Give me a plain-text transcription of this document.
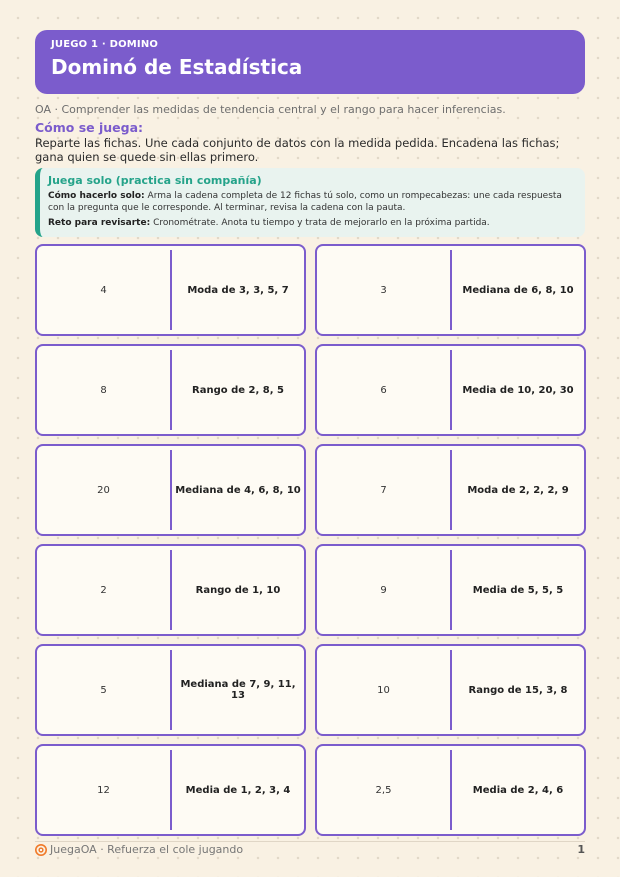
JUEGO 1 · DOMINO
Dominó de Estadística
OA · Comprender las medidas de tendencia central y el rango para hacer inferencias.
Cómo se juega:
Reparte las fichas. Une cada conjunto de datos con la medida pedida. Encadena las fichas; gana quien se quede sin ellas primero.
Juega solo (practica sin compañía)
Cómo hacerlo solo: Arma la cadena completa de 12 fichas tú solo, como un rompecabezas: une cada respuesta con la pregunta que le corresponde. Al terminar, revisa la cadena con la pauta.
Reto para revisarte: Cronométrate. Anota tu tiempo y trata de mejorarlo en la próxima partida.
4	Moda de 3, 3, 5, 7	3	Mediana de 6, 8, 10
8	Rango de 2, 8, 5	6	Media de 10, 20, 30
20	Mediana de 4, 6, 8, 10	7	Moda de 2, 2, 2, 9
2	Rango de 1, 10	9	Media de 5, 5, 5
5	Mediana de 7, 9, 11, 13	10	Rango de 15, 3, 8
12	Media de 1, 2, 3, 4	2,5	Media de 2, 4, 6
JuegaOA · Refuerza el cole jugando	1
